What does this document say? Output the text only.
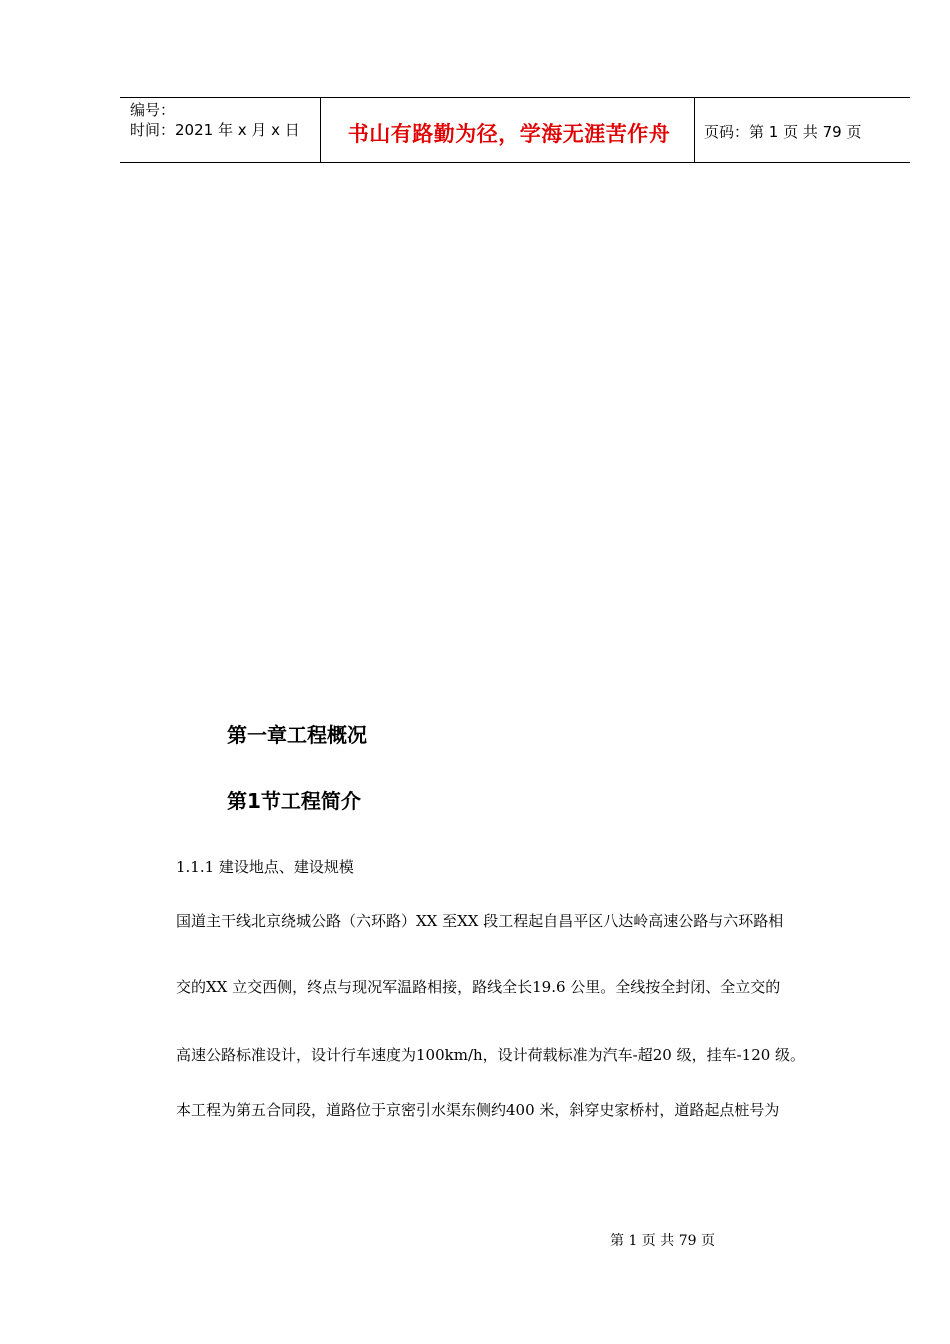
编号：
时间：2021 年 x 月 x 日	书山有路勤为径，学海无涯苦作舟	页码：第 1 页 共 79 页
第一章工程概况
第1节工程简介
1.1.1 建设地点、建设规模
国道主干线北京绕城公路（六环路）XX 至XX 段工程起自昌平区八达岭高速公路与六环路相
交的XX 立交西侧，终点与现况军温路相接，路线全长19.6 公里。全线按全封闭、全立交的
高速公路标准设计，设计行车速度为100km/h，设计荷载标准为汽车-超20 级，挂车-120 级。
本工程为第五合同段，道路位于京密引水渠东侧约400 米，斜穿史家桥村，道路起点桩号为
第 1 页 共 79 页
